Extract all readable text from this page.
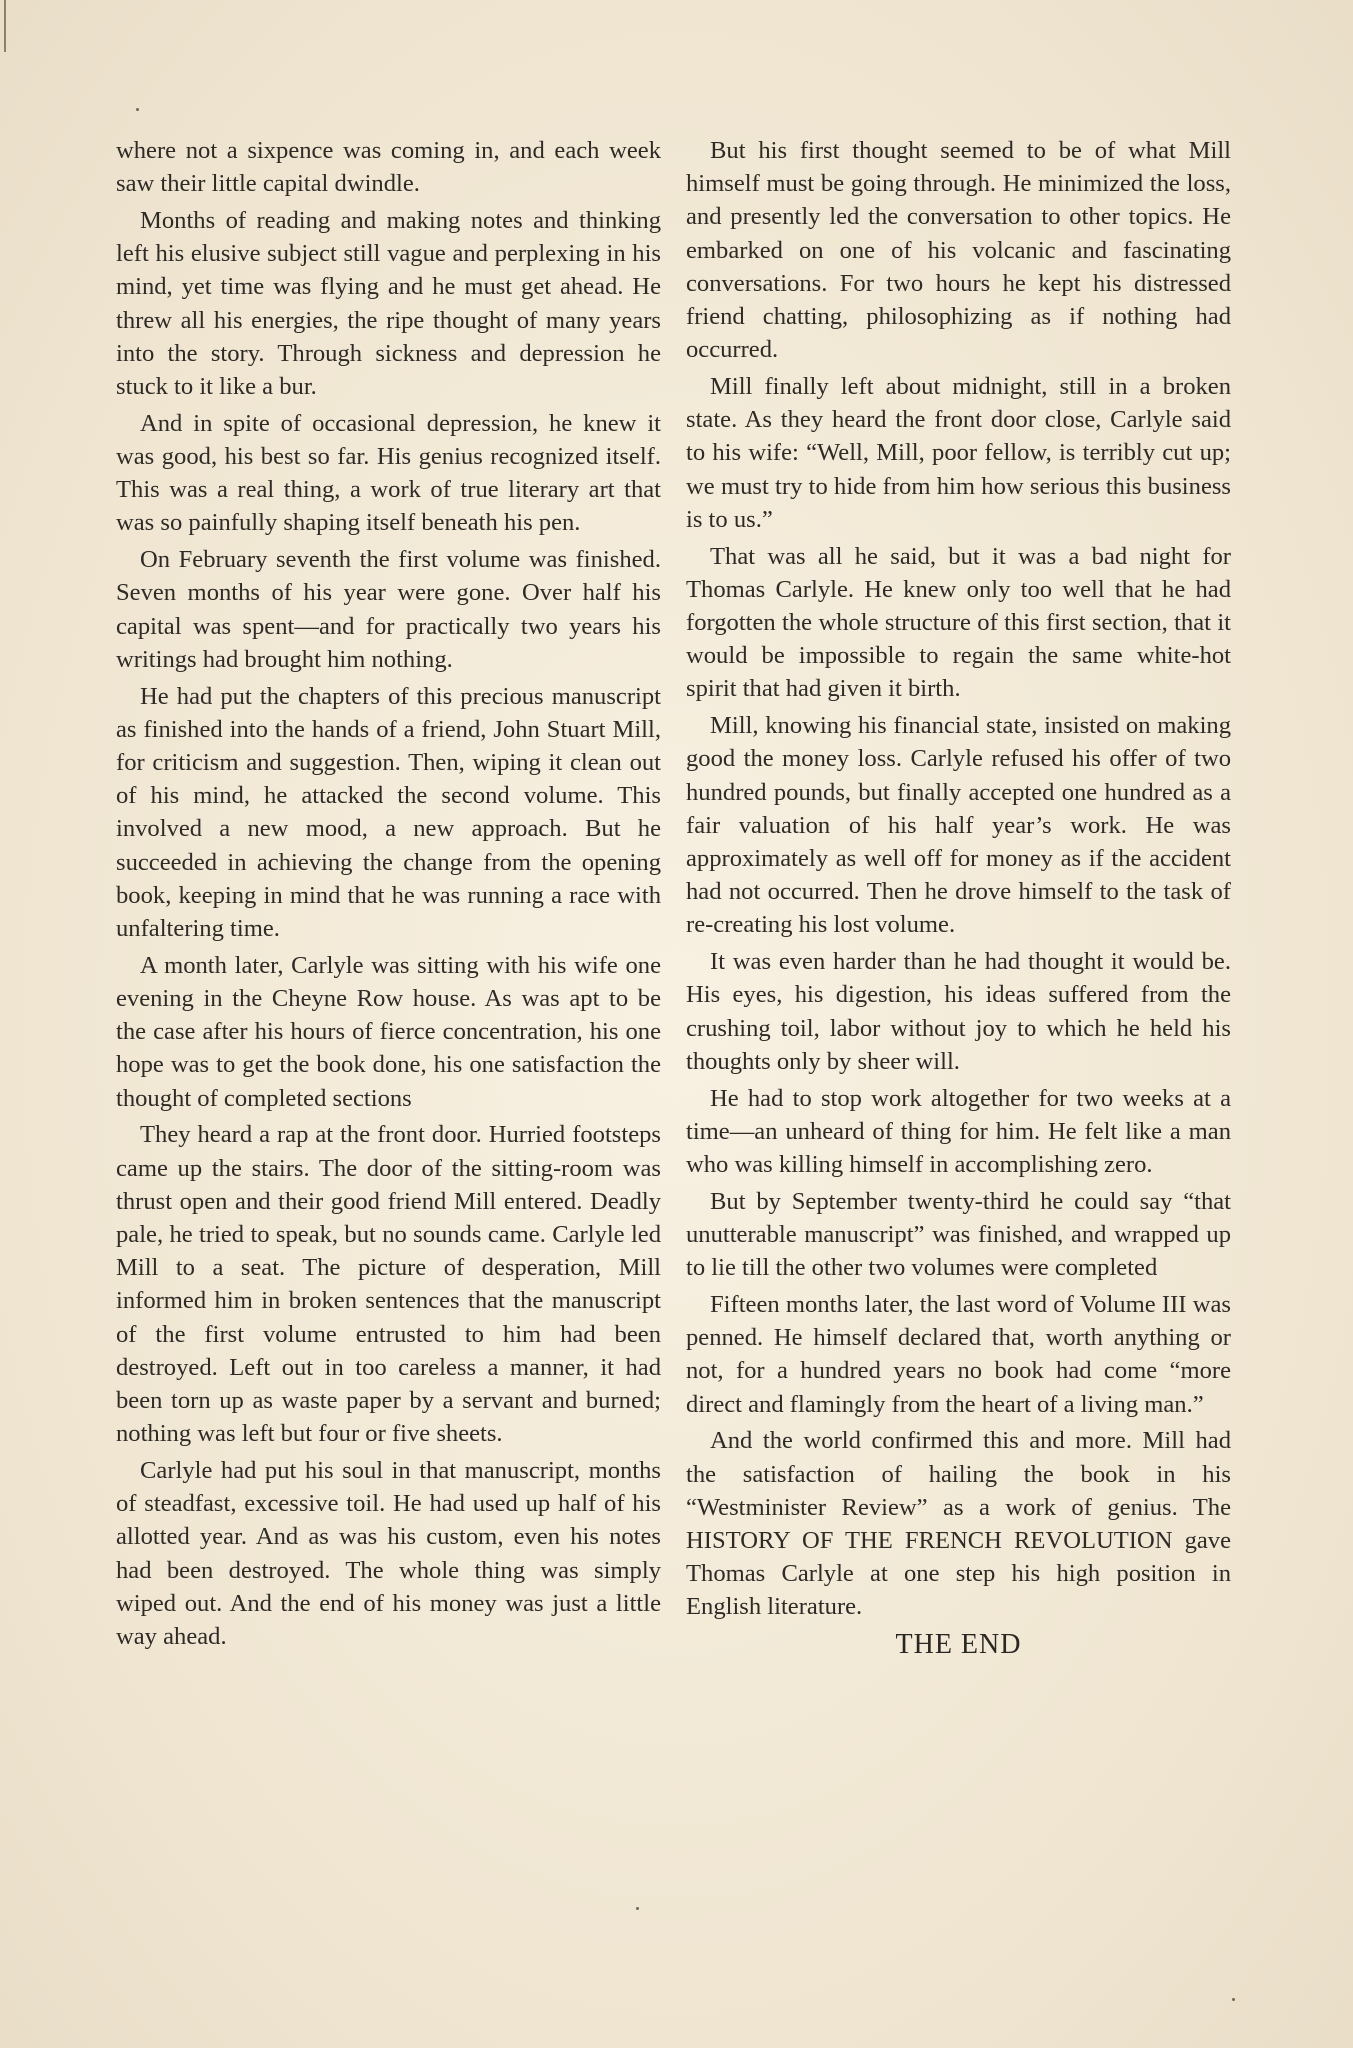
where not a sixpence was coming in, and each week saw their little capital dwindle.

Months of reading and making notes and thinking left his elusive subject still vague and perplexing in his mind, yet time was flying and he must get ahead. He threw all his energies, the ripe thought of many years into the story. Through sickness and depression he stuck to it like a bur.

And in spite of occasional depression, he knew it was good, his best so far. His genius recognized itself. This was a real thing, a work of true literary art that was so painfully shaping itself beneath his pen.

On February seventh the first volume was finished. Seven months of his year were gone. Over half his capital was spent—and for practically two years his writings had brought him nothing.

He had put the chapters of this precious manuscript as finished into the hands of a friend, John Stuart Mill, for criticism and suggestion. Then, wiping it clean out of his mind, he attacked the second volume. This involved a new mood, a new approach. But he succeeded in achieving the change from the opening book, keeping in mind that he was running a race with unfaltering time.

A month later, Carlyle was sitting with his wife one evening in the Cheyne Row house. As was apt to be the case after his hours of fierce concentration, his one hope was to get the book done, his one satisfaction the thought of completed sections

They heard a rap at the front door. Hurried footsteps came up the stairs. The door of the sitting-room was thrust open and their good friend Mill entered. Deadly pale, he tried to speak, but no sounds came. Carlyle led Mill to a seat. The picture of desperation, Mill informed him in broken sentences that the manuscript of the first volume entrusted to him had been destroyed. Left out in too careless a manner, it had been torn up as waste paper by a servant and burned; nothing was left but four or five sheets.

Carlyle had put his soul in that manuscript, months of steadfast, excessive toil. He had used up half of his allotted year. And as was his custom, even his notes had been destroyed. The whole thing was simply wiped out. And the end of his money was just a little way ahead.

But his first thought seemed to be of what Mill himself must be going through. He minimized the loss, and presently led the conversation to other topics. He embarked on one of his volcanic and fascinating conversations. For two hours he kept his distressed friend chatting, philosophizing as if nothing had occurred.

Mill finally left about midnight, still in a broken state. As they heard the front door close, Carlyle said to his wife: “Well, Mill, poor fellow, is terribly cut up; we must try to hide from him how serious this business is to us.”

That was all he said, but it was a bad night for Thomas Carlyle. He knew only too well that he had forgotten the whole structure of this first section, that it would be impossible to regain the same white-hot spirit that had given it birth.

Mill, knowing his financial state, insisted on making good the money loss. Carlyle refused his offer of two hundred pounds, but finally accepted one hundred as a fair valuation of his half year’s work. He was approximately as well off for money as if the accident had not occurred. Then he drove himself to the task of re-creating his lost volume.

It was even harder than he had thought it would be. His eyes, his digestion, his ideas suffered from the crushing toil, labor without joy to which he held his thoughts only by sheer will.

He had to stop work altogether for two weeks at a time—an unheard of thing for him. He felt like a man who was killing himself in accomplishing zero.

But by September twenty-third he could say “that unutterable manuscript” was finished, and wrapped up to lie till the other two volumes were completed

Fifteen months later, the last word of Volume III was penned. He himself declared that, worth anything or not, for a hundred years no book had come “more direct and flamingly from the heart of a living man.”

And the world confirmed this and more. Mill had the satisfaction of hailing the book in his “Westminister Review” as a work of genius. The HISTORY OF THE FRENCH REVOLUTION gave Thomas Carlyle at one step his high position in English literature.

THE END
